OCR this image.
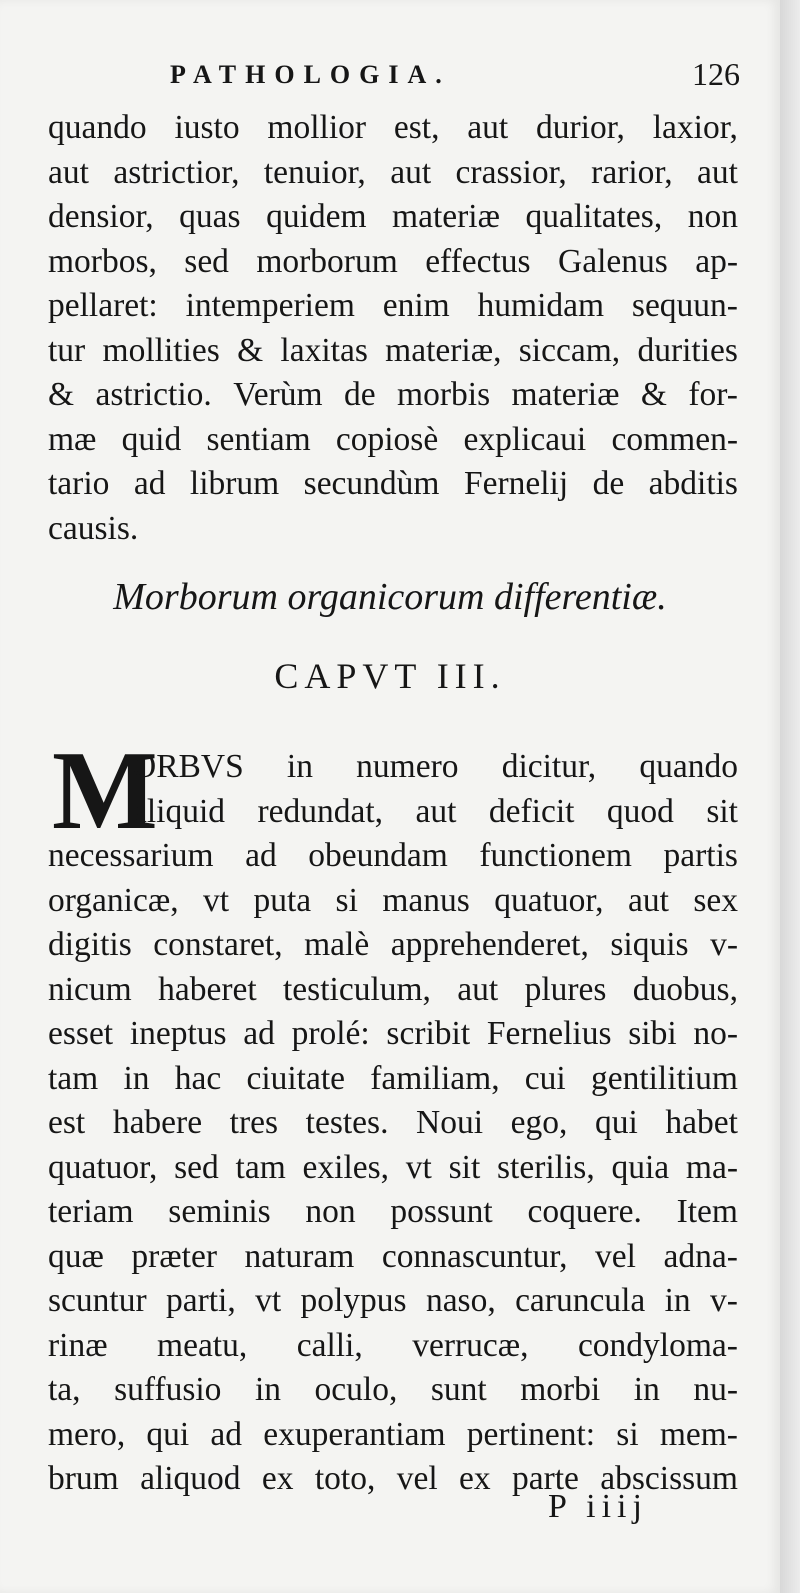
PATHOLOGIA.	126
quando iusto mollior est, aut durior, laxior,
aut astrictior, tenuior, aut crassior, rarior, aut
densior, quas quidem materiæ qualitates, non
morbos, sed morborum effectus Galenus ap-
pellaret: intemperiem enim humidam sequun-
tur mollities & laxitas materiæ, siccam, durities
& astrictio. Verùm de morbis materiæ & for-
mæ quid sentiam copiosè explicaui commen-
tario ad librum secundùm Fernelij de abditis
causis.
Morborum organicorum differentiæ.
CAPVT III.
M
ORBVS in numero dicitur, quando
aliquid redundat, aut deficit quod sit
necessarium ad obeundam functionem partis
organicæ, vt puta si manus quatuor, aut sex
digitis constaret, malè apprehenderet, siquis v-
nicum haberet testiculum, aut plures duobus,
esset ineptus ad prolé: scribit Fernelius sibi no-
tam in hac ciuitate familiam, cui gentilitium
est habere tres testes. Noui ego, qui habet
quatuor, sed tam exiles, vt sit sterilis, quia ma-
teriam seminis non possunt coquere. Item
quæ præter naturam connascuntur, vel adna-
scuntur parti, vt polypus naso, caruncula in v-
rinæ meatu, calli, verrucæ, condyloma-
ta, suffusio in oculo, sunt morbi in nu-
mero, qui ad exuperantiam pertinent: si mem-
brum aliquod ex toto, vel ex parte abscissum
P iiij
